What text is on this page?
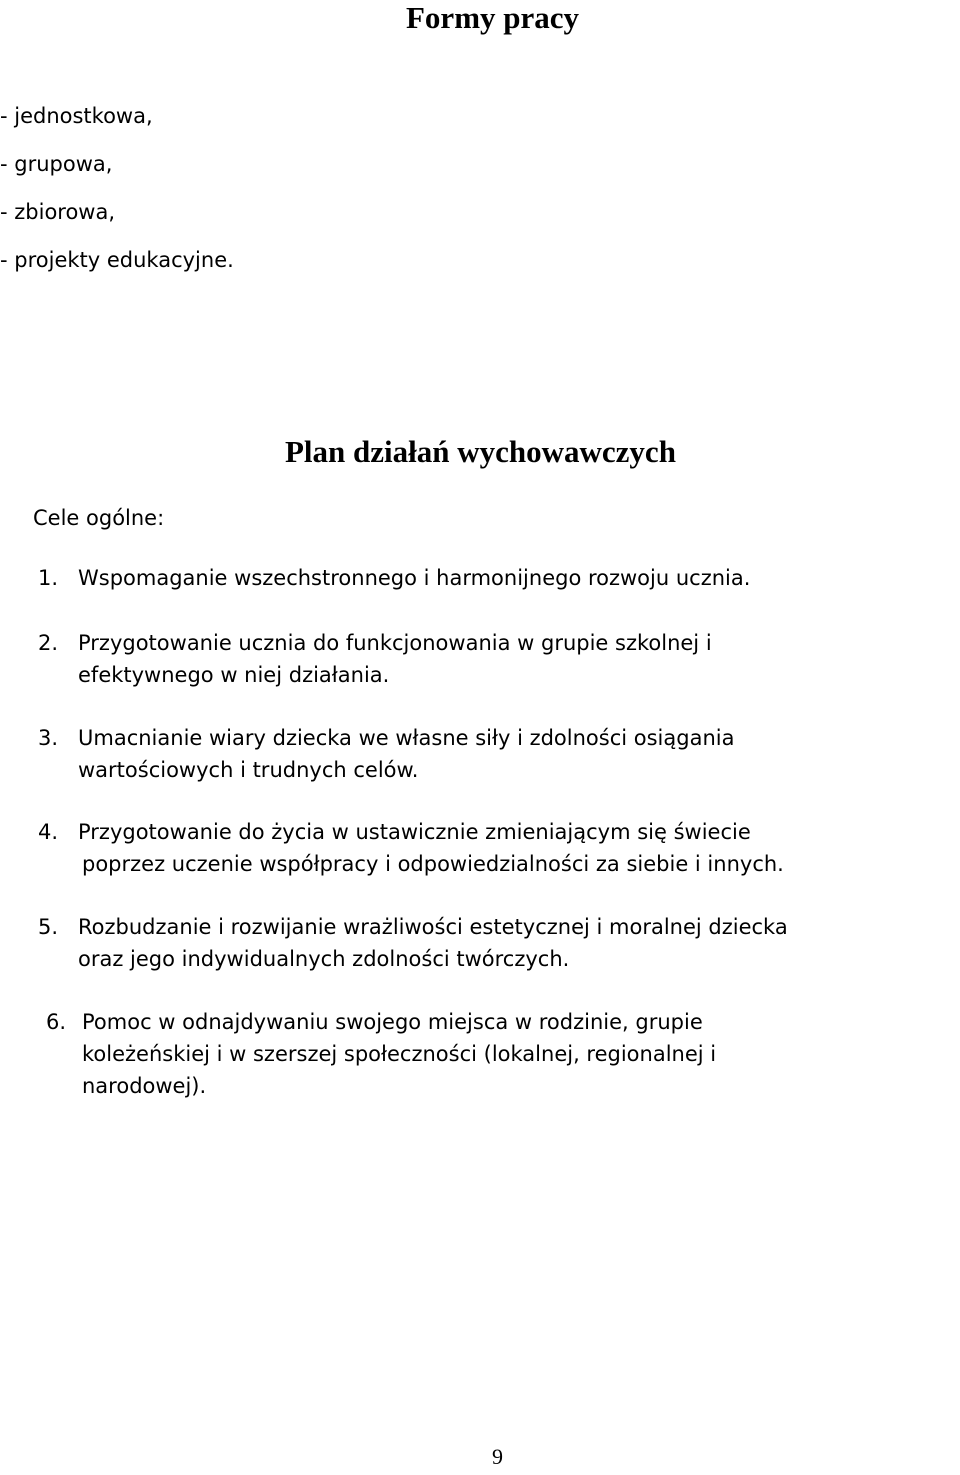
Formy pracy
- jednostkowa,
- grupowa,
- zbiorowa,
- projekty edukacyjne.
Plan działań wychowawczych
Cele ogólne:
1. Wspomaganie wszechstronnego i harmonijnego rozwoju ucznia.
2. Przygotowanie ucznia do funkcjonowania w grupie szkolnej i
efektywnego w niej działania.
3. Umacnianie wiary dziecka we własne siły i zdolności osiągania
wartościowych i trudnych celów.
4. Przygotowanie do życia w ustawicznie zmieniającym się świecie
poprzez uczenie współpracy i odpowiedzialności za siebie i innych.
5. Rozbudzanie i rozwijanie wrażliwości estetycznej i moralnej dziecka
oraz jego indywidualnych zdolności twórczych.
6. Pomoc w odnajdywaniu swojego miejsca w rodzinie, grupie
koleżeńskiej i w szerszej społeczności (lokalnej, regionalnej i
narodowej).
9
